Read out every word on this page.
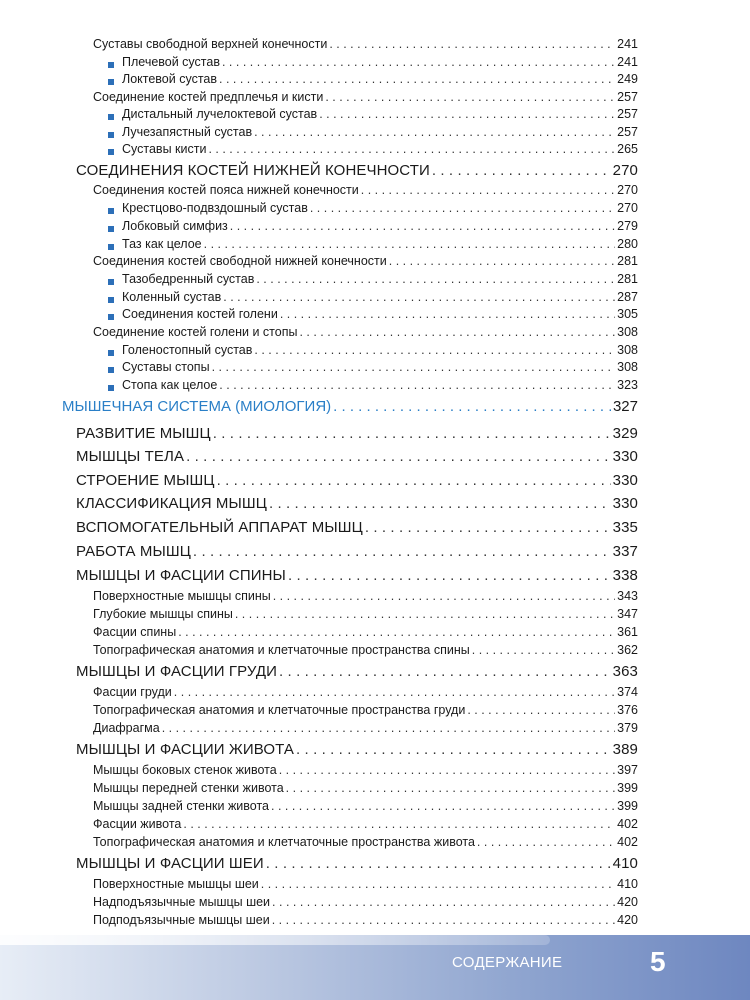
Суставы свободной верхней конечности . . .	241
Плечевой сустав . . .	241
Локтевой сустав . . .	249
Соединение костей предплечья и кисти . . .	257
Дистальный лучелоктевой сустав . . .	257
Лучезапястный сустав . . .	257
Суставы кисти . . .	265
СОЕДИНЕНИЯ КОСТЕЙ НИЖНЕЙ КОНЕЧНОСТИ . . .	270
Соединения костей пояса нижней конечности . . .	270
Крестцово-подвздошный сустав . . .	270
Лобковый симфиз . . .	279
Таз как целое . . .	280
Соединения костей свободной нижней конечности . . .	281
Тазобедренный сустав . . .	281
Коленный сустав . . .	287
Соединения костей голени . . .	305
Соединение костей голени и стопы . . .	308
Голеностопный сустав . . .	308
Суставы стопы . . .	308
Стопа как целое . . .	323
МЫШЕЧНАЯ СИСТЕМА (МИОЛОГИЯ) . . .	327
РАЗВИТИЕ МЫШЦ . . .	329
МЫШЦЫ ТЕЛА . . .	330
СТРОЕНИЕ МЫШЦ . . .	330
КЛАССИФИКАЦИЯ МЫШЦ . . .	330
ВСПОМОГАТЕЛЬНЫЙ АППАРАТ МЫШЦ . . .	335
РАБОТА МЫШЦ . . .	337
МЫШЦЫ И ФАСЦИИ СПИНЫ . . .	338
Поверхностные мышцы спины . . .	343
Глубокие мышцы спины . . .	347
Фасции спины . . .	361
Топографическая анатомия и клетчаточные пространства спины . . .	362
МЫШЦЫ И ФАСЦИИ ГРУДИ . . .	363
Фасции груди . . .	374
Топографическая анатомия и клетчаточные пространства груди . . .	376
Диафрагма . . .	379
МЫШЦЫ И ФАСЦИИ ЖИВОТА . . .	389
Мышцы боковых стенок живота . . .	397
Мышцы передней стенки живота . . .	399
Мышцы задней стенки живота . . .	399
Фасции живота . . .	402
Топографическая анатомия и клетчаточные пространства живота . . .	402
МЫШЦЫ И ФАСЦИИ ШЕИ . . .	410
Поверхностные мышцы шеи . . .	410
Надподъязычные мышцы шеи . . .	420
Подподъязычные мышцы шеи . . .	420
СОДЕРЖАНИЕ	5
